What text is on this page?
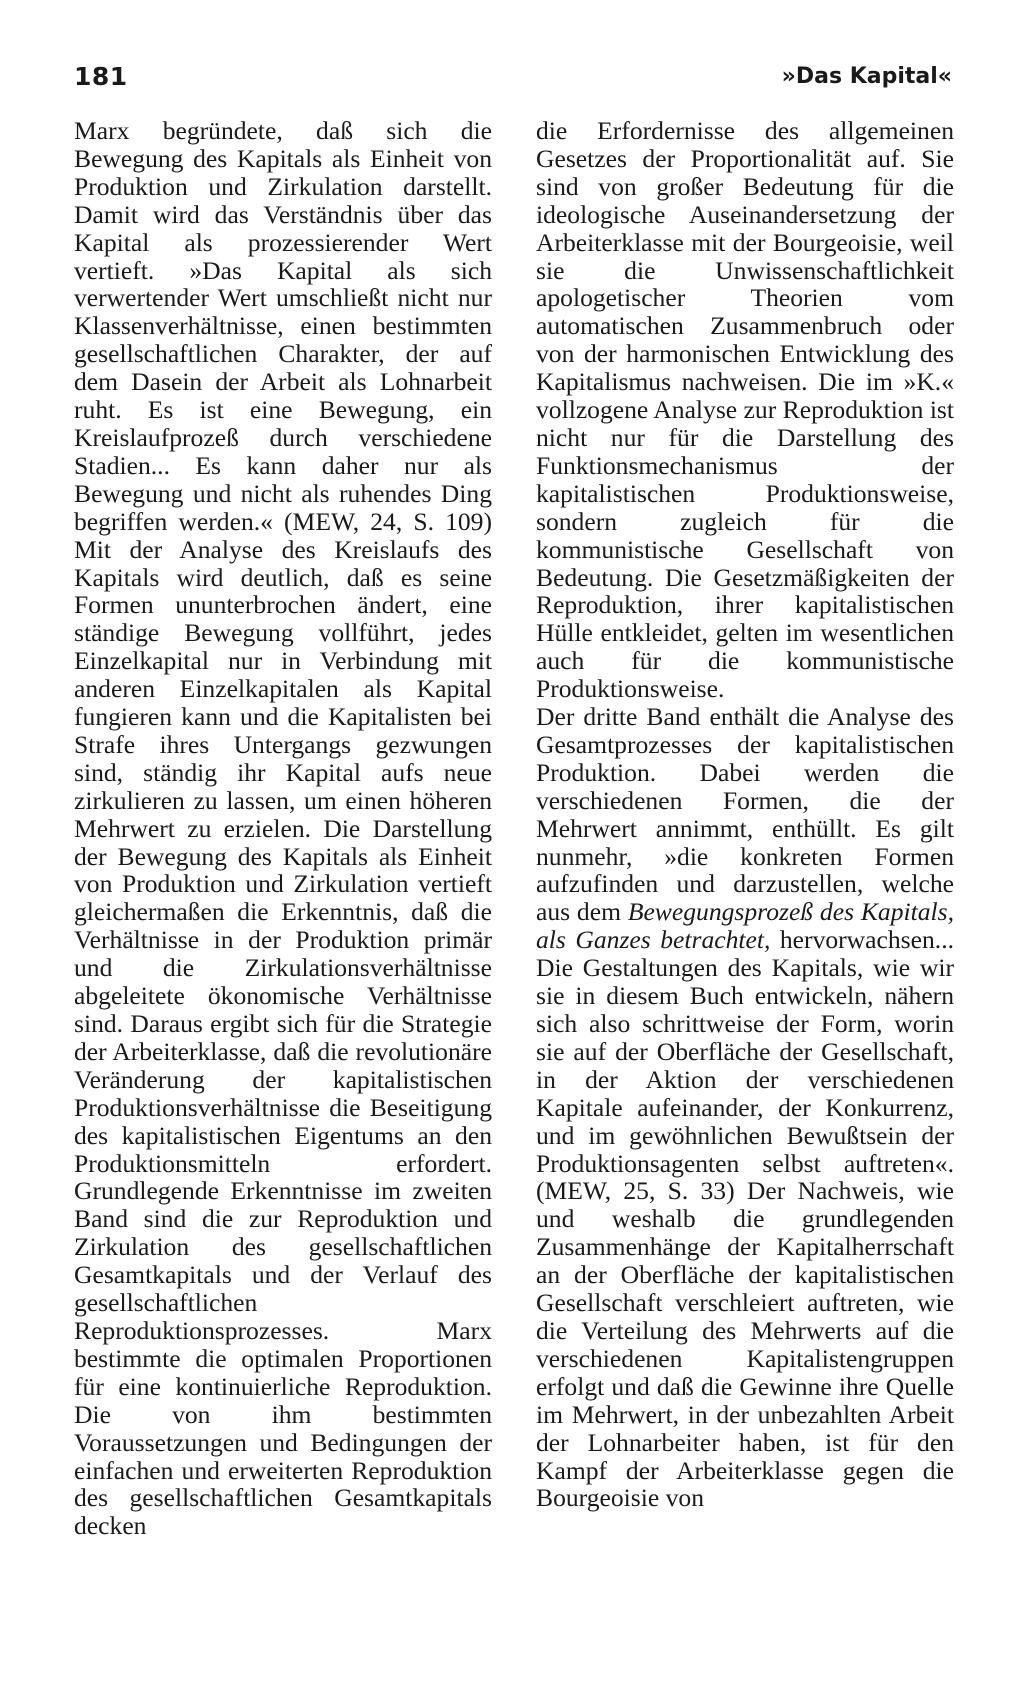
181	»Das Kapital«

Marx begründete, daß sich die Bewegung des Kapitals als Einheit von Produktion und Zirkulation darstellt. Damit wird das Verständnis über das Kapital als prozessierender Wert vertieft. »Das Kapital als sich verwertender Wert umschließt nicht nur Klassenverhältnisse, einen bestimmten gesellschaftlichen Charakter, der auf dem Dasein der Arbeit als Lohnarbeit ruht. Es ist eine Bewegung, ein Kreislaufprozeß durch verschiedene Stadien... Es kann daher nur als Bewegung und nicht als ruhendes Ding begriffen werden.« (MEW, 24, S. 109) Mit der Analyse des Kreislaufs des Kapitals wird deutlich, daß es seine Formen ununterbrochen ändert, eine ständige Bewegung vollführt, jedes Einzelkapital nur in Verbindung mit anderen Einzelkapitalen als Kapital fungieren kann und die Kapitalisten bei Strafe ihres Untergangs gezwungen sind, ständig ihr Kapital aufs neue zirkulieren zu lassen, um einen höheren Mehrwert zu erzielen. Die Darstellung der Bewegung des Kapitals als Einheit von Produktion und Zirkulation vertieft gleichermaßen die Erkenntnis, daß die Verhältnisse in der Produktion primär und die Zirkulationsverhältnisse abgeleitete ökonomische Verhältnisse sind. Daraus ergibt sich für die Strategie der Arbeiterklasse, daß die revolutionäre Veränderung der kapitalistischen Produktionsverhältnisse die Beseitigung des kapitalistischen Eigentums an den Produktionsmitteln erfordert. Grundlegende Erkenntnisse im zweiten Band sind die zur Reproduktion und Zirkulation des gesellschaftlichen Gesamtkapitals und der Verlauf des gesellschaftlichen Reproduktionsprozesses. Marx bestimmte die optimalen Proportionen für eine kontinuierliche Reproduktion. Die von ihm bestimmten Voraussetzungen und Bedingungen der einfachen und erweiterten Reproduktion des gesellschaftlichen Gesamtkapitals decken

die Erfordernisse des allgemeinen Gesetzes der Proportionalität auf. Sie sind von großer Bedeutung für die ideologische Auseinandersetzung der Arbeiterklasse mit der Bourgeoisie, weil sie die Unwissenschaftlichkeit apologetischer Theorien vom automatischen Zusammenbruch oder von der harmonischen Entwicklung des Kapitalismus nachweisen. Die im »K.« vollzogene Analyse zur Reproduktion ist nicht nur für die Darstellung des Funktionsmechanismus der kapitalistischen Produktionsweise, sondern zugleich für die kommunistische Gesellschaft von Bedeutung. Die Gesetzmäßigkeiten der Reproduktion, ihrer kapitalistischen Hülle entkleidet, gelten im wesentlichen auch für die kommunistische Produktionsweise.

Der dritte Band enthält die Analyse des Gesamtprozesses der kapitalistischen Produktion. Dabei werden die verschiedenen Formen, die der Mehrwert annimmt, enthüllt. Es gilt nunmehr, »die konkreten Formen aufzufinden und darzustellen, welche aus dem Bewegungsprozeß des Kapitals, als Ganzes betrachtet, hervorwachsen... Die Gestaltungen des Kapitals, wie wir sie in diesem Buch entwickeln, nähern sich also schrittweise der Form, worin sie auf der Oberfläche der Gesellschaft, in der Aktion der verschiedenen Kapitale aufeinander, der Konkurrenz, und im gewöhnlichen Bewußtsein der Produktionsagenten selbst auftreten«. (MEW, 25, S. 33) Der Nachweis, wie und weshalb die grundlegenden Zusammenhänge der Kapitalherrschaft an der Oberfläche der kapitalistischen Gesellschaft verschleiert auftreten, wie die Verteilung des Mehrwerts auf die verschiedenen Kapitalistengruppen erfolgt und daß die Gewinne ihre Quelle im Mehrwert, in der unbezahlten Arbeit der Lohnarbeiter haben, ist für den Kampf der Arbeiterklasse gegen die Bourgeoisie von
